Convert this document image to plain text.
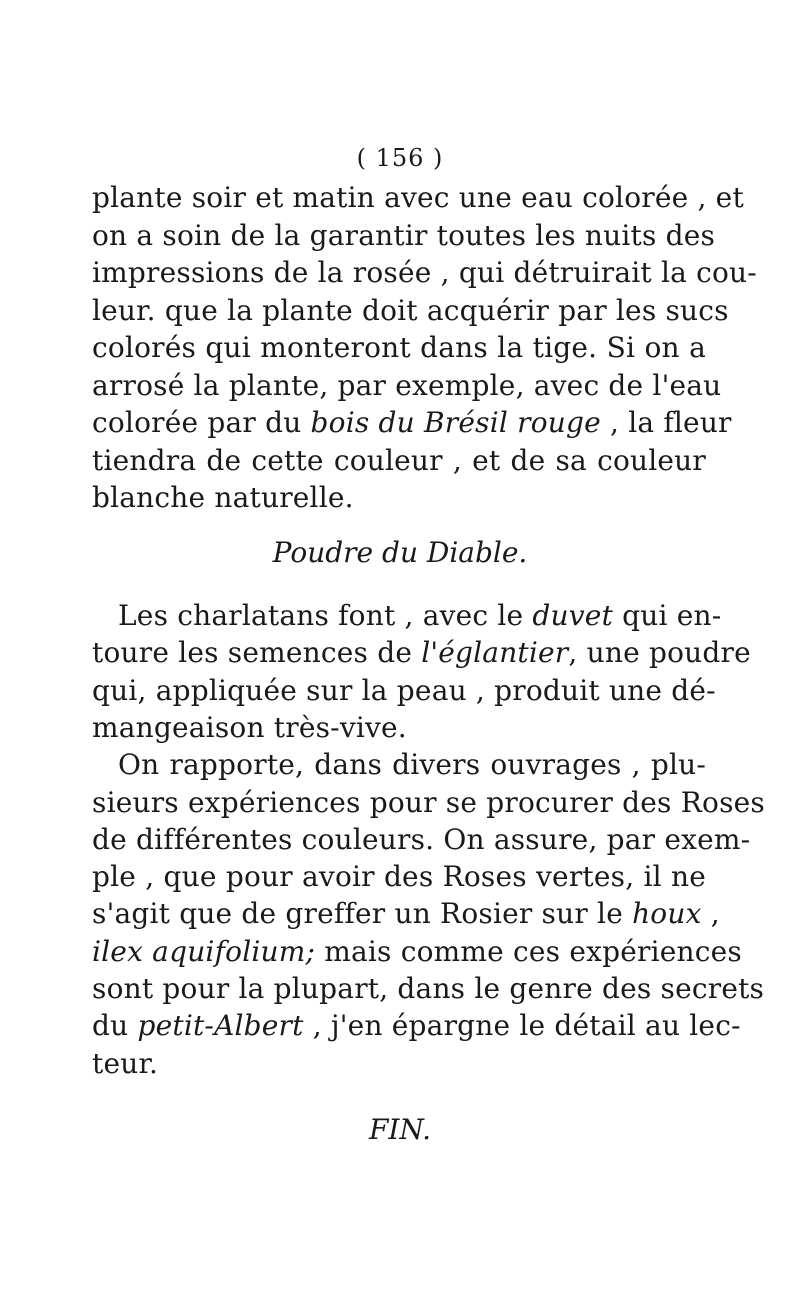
( 156 )
plante soir et matin avec une eau colorée , et
on a soin de la garantir toutes les nuits des
impressions de la rosée , qui détruirait la cou-
leur. que la plante doit acquérir par les sucs
colorés qui monteront dans la tige. Si on a
arrosé la plante, par exemple, avec de l'eau
colorée par du bois du Brésil rouge , la fleur
tiendra de cette couleur , et de sa couleur
blanche naturelle.
Poudre du Diable.
Les charlatans font , avec le duvet qui en-
toure les semences de l'églantier, une poudre
qui, appliquée sur la peau , produit une dé-
mangeaison très-vive.
On rapporte, dans divers ouvrages , plu-
sieurs expériences pour se procurer des Roses
de différentes couleurs. On assure, par exem-
ple , que pour avoir des Roses vertes, il ne
s'agit que de greffer un Rosier sur le houx ,
ilex aquifolium; mais comme ces expériences
sont pour la plupart, dans le genre des secrets
du petit-Albert , j'en épargne le détail au lec-
teur.
FIN.
